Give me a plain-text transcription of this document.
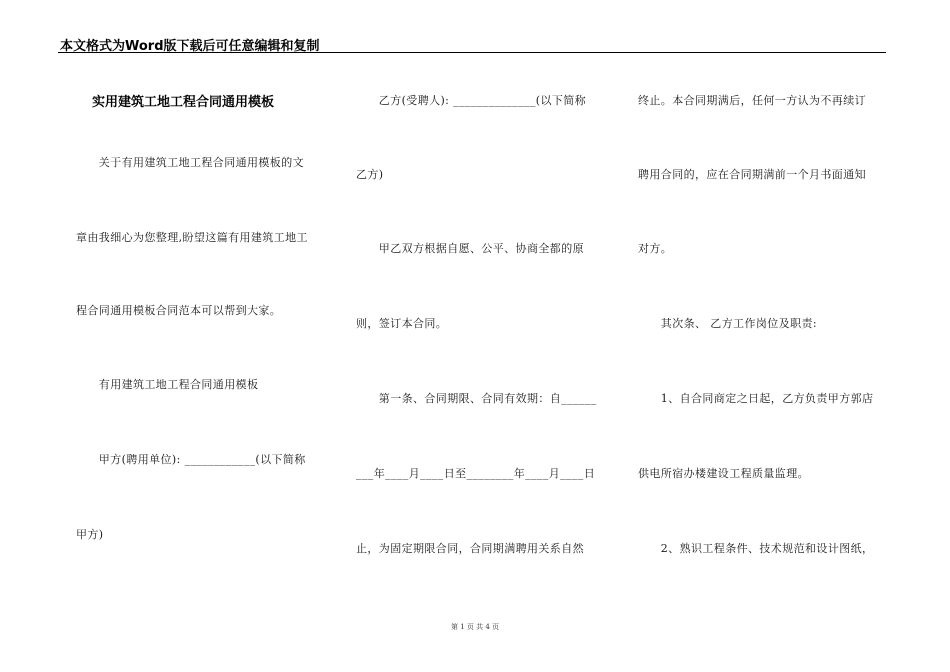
本文格式为Word版下载后可任意编辑和复制
实用建筑工地工程合同通用模板
　　关于有用建筑工地工程合同通用模板的文
章由我细心为您整理,盼望这篇有用建筑工地工
程合同通用模板合同范本可以帮到大家。
　　有用建筑工地工程合同通用模板
　　甲方(聘用单位): ____________(以下简称
甲方)
　　乙方(受聘人): ______________(以下简称
乙方)
　　甲乙双方根据自愿、公平、协商全都的原
则，签订本合同。
　　第一条、合同期限、合同有效期：自______
___年____月____日至________年____月____日
止，为固定期限合同，合同期满聘用关系自然
终止。本合同期满后，任何一方认为不再续订
聘用合同的，应在合同期满前一个月书面通知
对方。
　　其次条、 乙方工作岗位及职责:
　　1、自合同商定之日起，乙方负责甲方郭店
供电所宿办楼建设工程质量监理。
　　2、熟识工程条件、技术规范和设计图纸，
第 1 页 共 4 页
